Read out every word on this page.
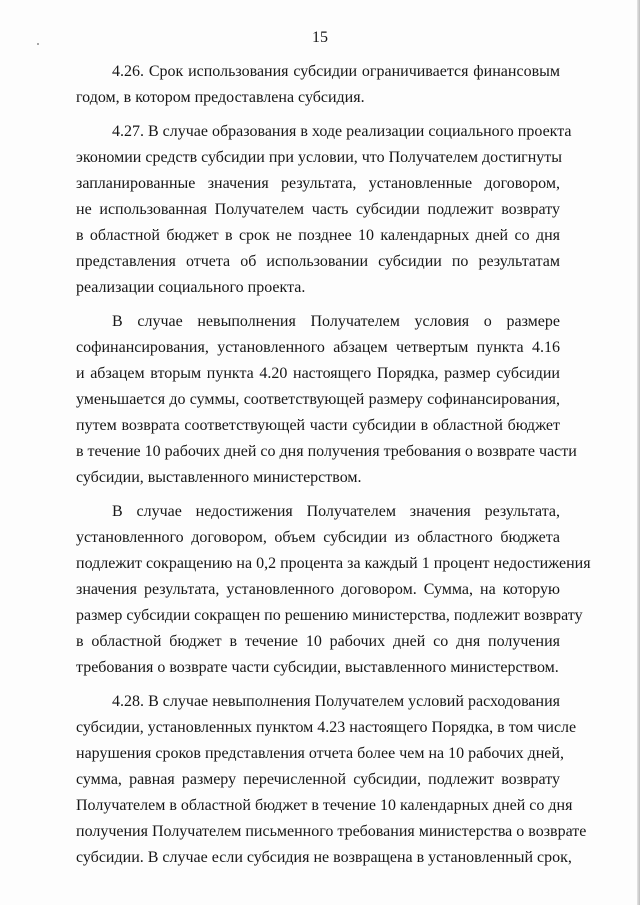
15
4.26. Срок использования субсидии ограничивается финансовым
годом, в котором предоставлена субсидия.
4.27. В случае образования в ходе реализации социального проекта
экономии средств субсидии при условии, что Получателем достигнуты
запланированные значения результата, установленные договором,
не использованная Получателем часть субсидии подлежит возврату
в областной бюджет в срок не позднее 10 календарных дней со дня
представления отчета об использовании субсидии по результатам
реализации социального проекта.
В случае невыполнения Получателем условия о размере
софинансирования, установленного абзацем четвертым пункта 4.16
и абзацем вторым пункта 4.20 настоящего Порядка, размер субсидии
уменьшается до суммы, соответствующей размеру софинансирования,
путем возврата соответствующей части субсидии в областной бюджет
в течение 10 рабочих дней со дня получения требования о возврате части
субсидии, выставленного министерством.
В случае недостижения Получателем значения результата,
установленного договором, объем субсидии из областного бюджета
подлежит сокращению на 0,2 процента за каждый 1 процент недостижения
значения результата, установленного договором. Сумма, на которую
размер субсидии сокращен по решению министерства, подлежит возврату
в областной бюджет в течение 10 рабочих дней со дня получения
требования о возврате части субсидии, выставленного министерством.
4.28. В случае невыполнения Получателем условий расходования
субсидии, установленных пунктом 4.23 настоящего Порядка, в том числе
нарушения сроков представления отчета более чем на 10 рабочих дней,
сумма, равная размеру перечисленной субсидии, подлежит возврату
Получателем в областной бюджет в течение 10 календарных дней со дня
получения Получателем письменного требования министерства о возврате
субсидии. В случае если субсидия не возвращена в установленный срок,
